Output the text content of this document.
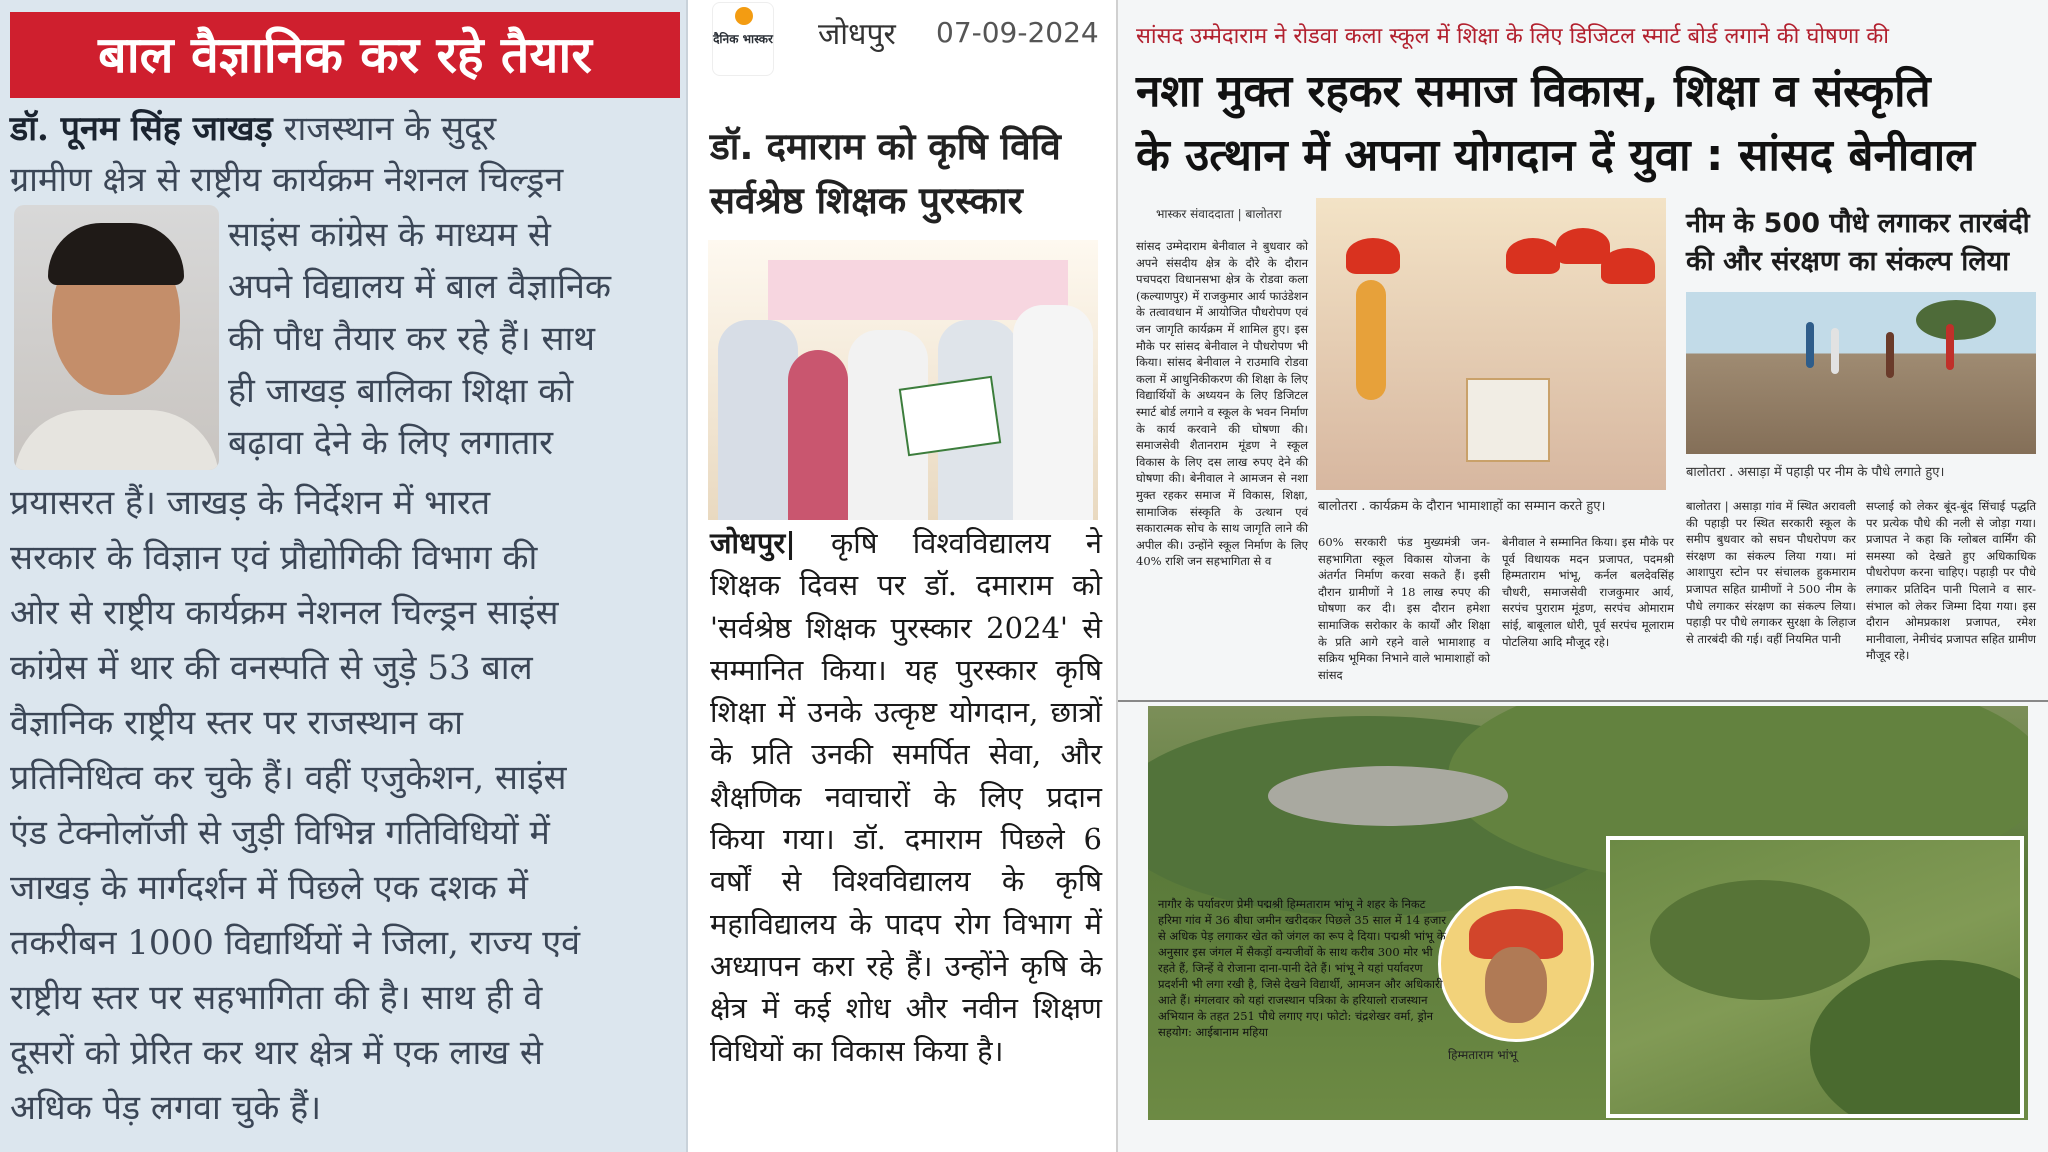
बाल वैज्ञानिक कर रहे तैयार
डॉ. पूनम सिंह जाखड़ राजस्थान के सुदूर
ग्रामीण क्षेत्र से राष्ट्रीय कार्यक्रम नेशनल चिल्ड्रन
साइंस कांग्रेस के माध्यम से
अपने विद्यालय में बाल वैज्ञानिक
की पौध तैयार कर रहे हैं। साथ
ही जाखड़ बालिका शिक्षा को
बढ़ावा देने के लिए लगातार
प्रयासरत हैं। जाखड़ के निर्देशन में भारत
सरकार के विज्ञान एवं प्रौद्योगिकी विभाग की
ओर से राष्ट्रीय कार्यक्रम नेशनल चिल्ड्रन साइंस
कांग्रेस में थार की वनस्पति से जुड़े 53 बाल
वैज्ञानिक राष्ट्रीय स्तर पर राजस्थान का
प्रतिनिधित्व कर चुके हैं। वहीं एजुकेशन, साइंस
एंड टेक्नोलॉजी से जुड़ी विभिन्न गतिविधियों में
जाखड़ के मार्गदर्शन में पिछले एक दशक में
तकरीबन 1000 विद्यार्थियों ने जिला, राज्य एवं
राष्ट्रीय स्तर पर सहभागिता की है। साथ ही वे
दूसरों को प्रेरित कर थार क्षेत्र में एक लाख से
अधिक पेड़ लगवा चुके हैं।
दैनिक भास्कर जोधपुर 07-09-2024
डॉ. दमाराम को कृषि विवि सर्वश्रेष्ठ शिक्षक पुरस्कार
जोधपुर| कृषि विश्वविद्यालय ने शिक्षक दिवस पर डॉ. दमाराम को 'सर्वश्रेष्ठ शिक्षक पुरस्कार 2024' से सम्मानित किया। यह पुरस्कार कृषि शिक्षा में उनके उत्कृष्ट योगदान, छात्रों के प्रति उनकी समर्पित सेवा, और शैक्षणिक नवाचारों के लिए प्रदान किया गया। डॉ. दमाराम पिछले 6 वर्षों से विश्वविद्यालय के कृषि महाविद्यालय के पादप रोग विभाग में अध्यापन करा रहे हैं। उन्होंने कृषि के क्षेत्र में कई शोध और नवीन शिक्षण विधियों का विकास किया है।
सांसद उम्मेदाराम ने रोडवा कला स्कूल में शिक्षा के लिए डिजिटल स्मार्ट बोर्ड लगाने की घोषणा की
नशा मुक्त रहकर समाज विकास, शिक्षा व संस्कृति
के उत्थान में अपना योगदान दें युवा : सांसद बेनीवाल
भास्कर संवाददाता | बालोतरा
सांसद उम्मेदाराम बेनीवाल ने बुधवार को अपने संसदीय क्षेत्र के दौरे के दौरान पचपदरा विधानसभा क्षेत्र के रोडवा कला (कल्याणपुर) में राजकुमार आर्य फाउंडेशन के तत्वावधान में आयोजित पौधरोपण एवं जन जागृति कार्यक्रम में शामिल हुए। इस मौके पर सांसद बेनीवाल ने पौधरोपण भी किया। सांसद बेनीवाल ने राउमावि रोडवा कला में आधुनिकीकरण की शिक्षा के लिए विद्यार्थियों के अध्ययन के लिए डिजिटल स्मार्ट बोर्ड लगाने व स्कूल के भवन निर्माण के कार्य करवाने की घोषणा की। समाजसेवी शैतानराम मूंडण ने स्कूल विकास के लिए दस लाख रुपए देने की घोषणा की। बेनीवाल ने आमजन से नशा मुक्त रहकर समाज में विकास, शिक्षा, सामाजिक संस्कृति के उत्थान एवं सकारात्मक सोच के साथ जागृति लाने की अपील की। उन्होंने स्कूल निर्माण के लिए 40% राशि जन सहभागिता से व
बालोतरा . कार्यक्रम के दौरान भामाशाहों का सम्मान करते हुए।
60% सरकारी फंड मुख्यमंत्री जन-सहभागिता स्कूल विकास योजना के अंतर्गत निर्माण करवा सकते हैं। इसी दौरान ग्रामीणों ने 18 लाख रुपए की घोषणा कर दी। इस दौरान हमेशा सामाजिक सरोकार के कार्यों और शिक्षा के प्रति आगे रहने वाले भामाशाह व सक्रिय भूमिका निभाने वाले भामाशाहों को सांसद
बेनीवाल ने सम्मानित किया। इस मौके पर पूर्व विधायक मदन प्रजापत, पदमश्री हिम्मताराम भांभू, कर्नल बलदेवसिंह चौधरी, समाजसेवी राजकुमार आर्य, सरपंच पुराराम मूंडण, सरपंच ओमाराम सांई, बाबूलाल धोरी, पूर्व सरपंच मूलाराम पोटलिया आदि मौजूद रहे।
नीम के 500 पौधे लगाकर तारबंदी की और संरक्षण का संकल्प लिया
बालोतरा . असाड़ा में पहाड़ी पर नीम के पौधे लगाते हुए।
बालोतरा | असाड़ा गांव में स्थित अरावली की पहाड़ी पर स्थित सरकारी स्कूल के समीप बुधवार को सघन पौधरोपण कर संरक्षण का संकल्प लिया गया। मां आशापुरा स्टोन पर संचालक हुकमाराम प्रजापत सहित ग्रामीणों ने 500 नीम के पौधे लगाकर संरक्षण का संकल्प लिया। पहाड़ी पर पौधे लगाकर सुरक्षा के लिहाज से तारबंदी की गई। वहीं नियमित पानी
सप्लाई को लेकर बूंद-बूंद सिंचाई पद्धति पर प्रत्येक पौधे की नली से जोड़ा गया। प्रजापत ने कहा कि ग्लोबल वार्मिंग की समस्या को देखते हुए अधिकाधिक पौधरोपण करना चाहिए। पहाड़ी पर पौधे लगाकर प्रतिदिन पानी पिलाने व सार-संभाल को लेकर जिम्मा दिया गया। इस दौरान ओमप्रकाश प्रजापत, रमेश मानीवाला, नेमीचंद प्रजापत सहित ग्रामीण मौजूद रहे।
हिम्मताराम भांभू
नागौर के पर्यावरण प्रेमी पद्मश्री हिम्मताराम भांभू ने शहर के निकट हरिमा गांव में 36 बीघा जमीन खरीदकर पिछले 35 साल में 14 हजार से अधिक पेड़ लगाकर खेत को जंगल का रूप दे दिया। पद्मश्री भांभू के अनुसार इस जंगल में सैकड़ों वन्यजीवों के साथ करीब 300 मोर भी रहते हैं, जिन्हें वे रोजाना दाना-पानी देते हैं। भांभू ने यहां पर्यावरण प्रदर्शनी भी लगा रखी है, जिसे देखने विद्यार्थी, आमजन और अधिकारी आते हैं। मंगलवार को यहां राजस्थान पत्रिका के हरियालो राजस्थान अभियान के तहत 251 पौधे लगाए गए। फोटो: चंद्रशेखर वर्मा, ड्रोन सहयोग: आईबानाम महिया
